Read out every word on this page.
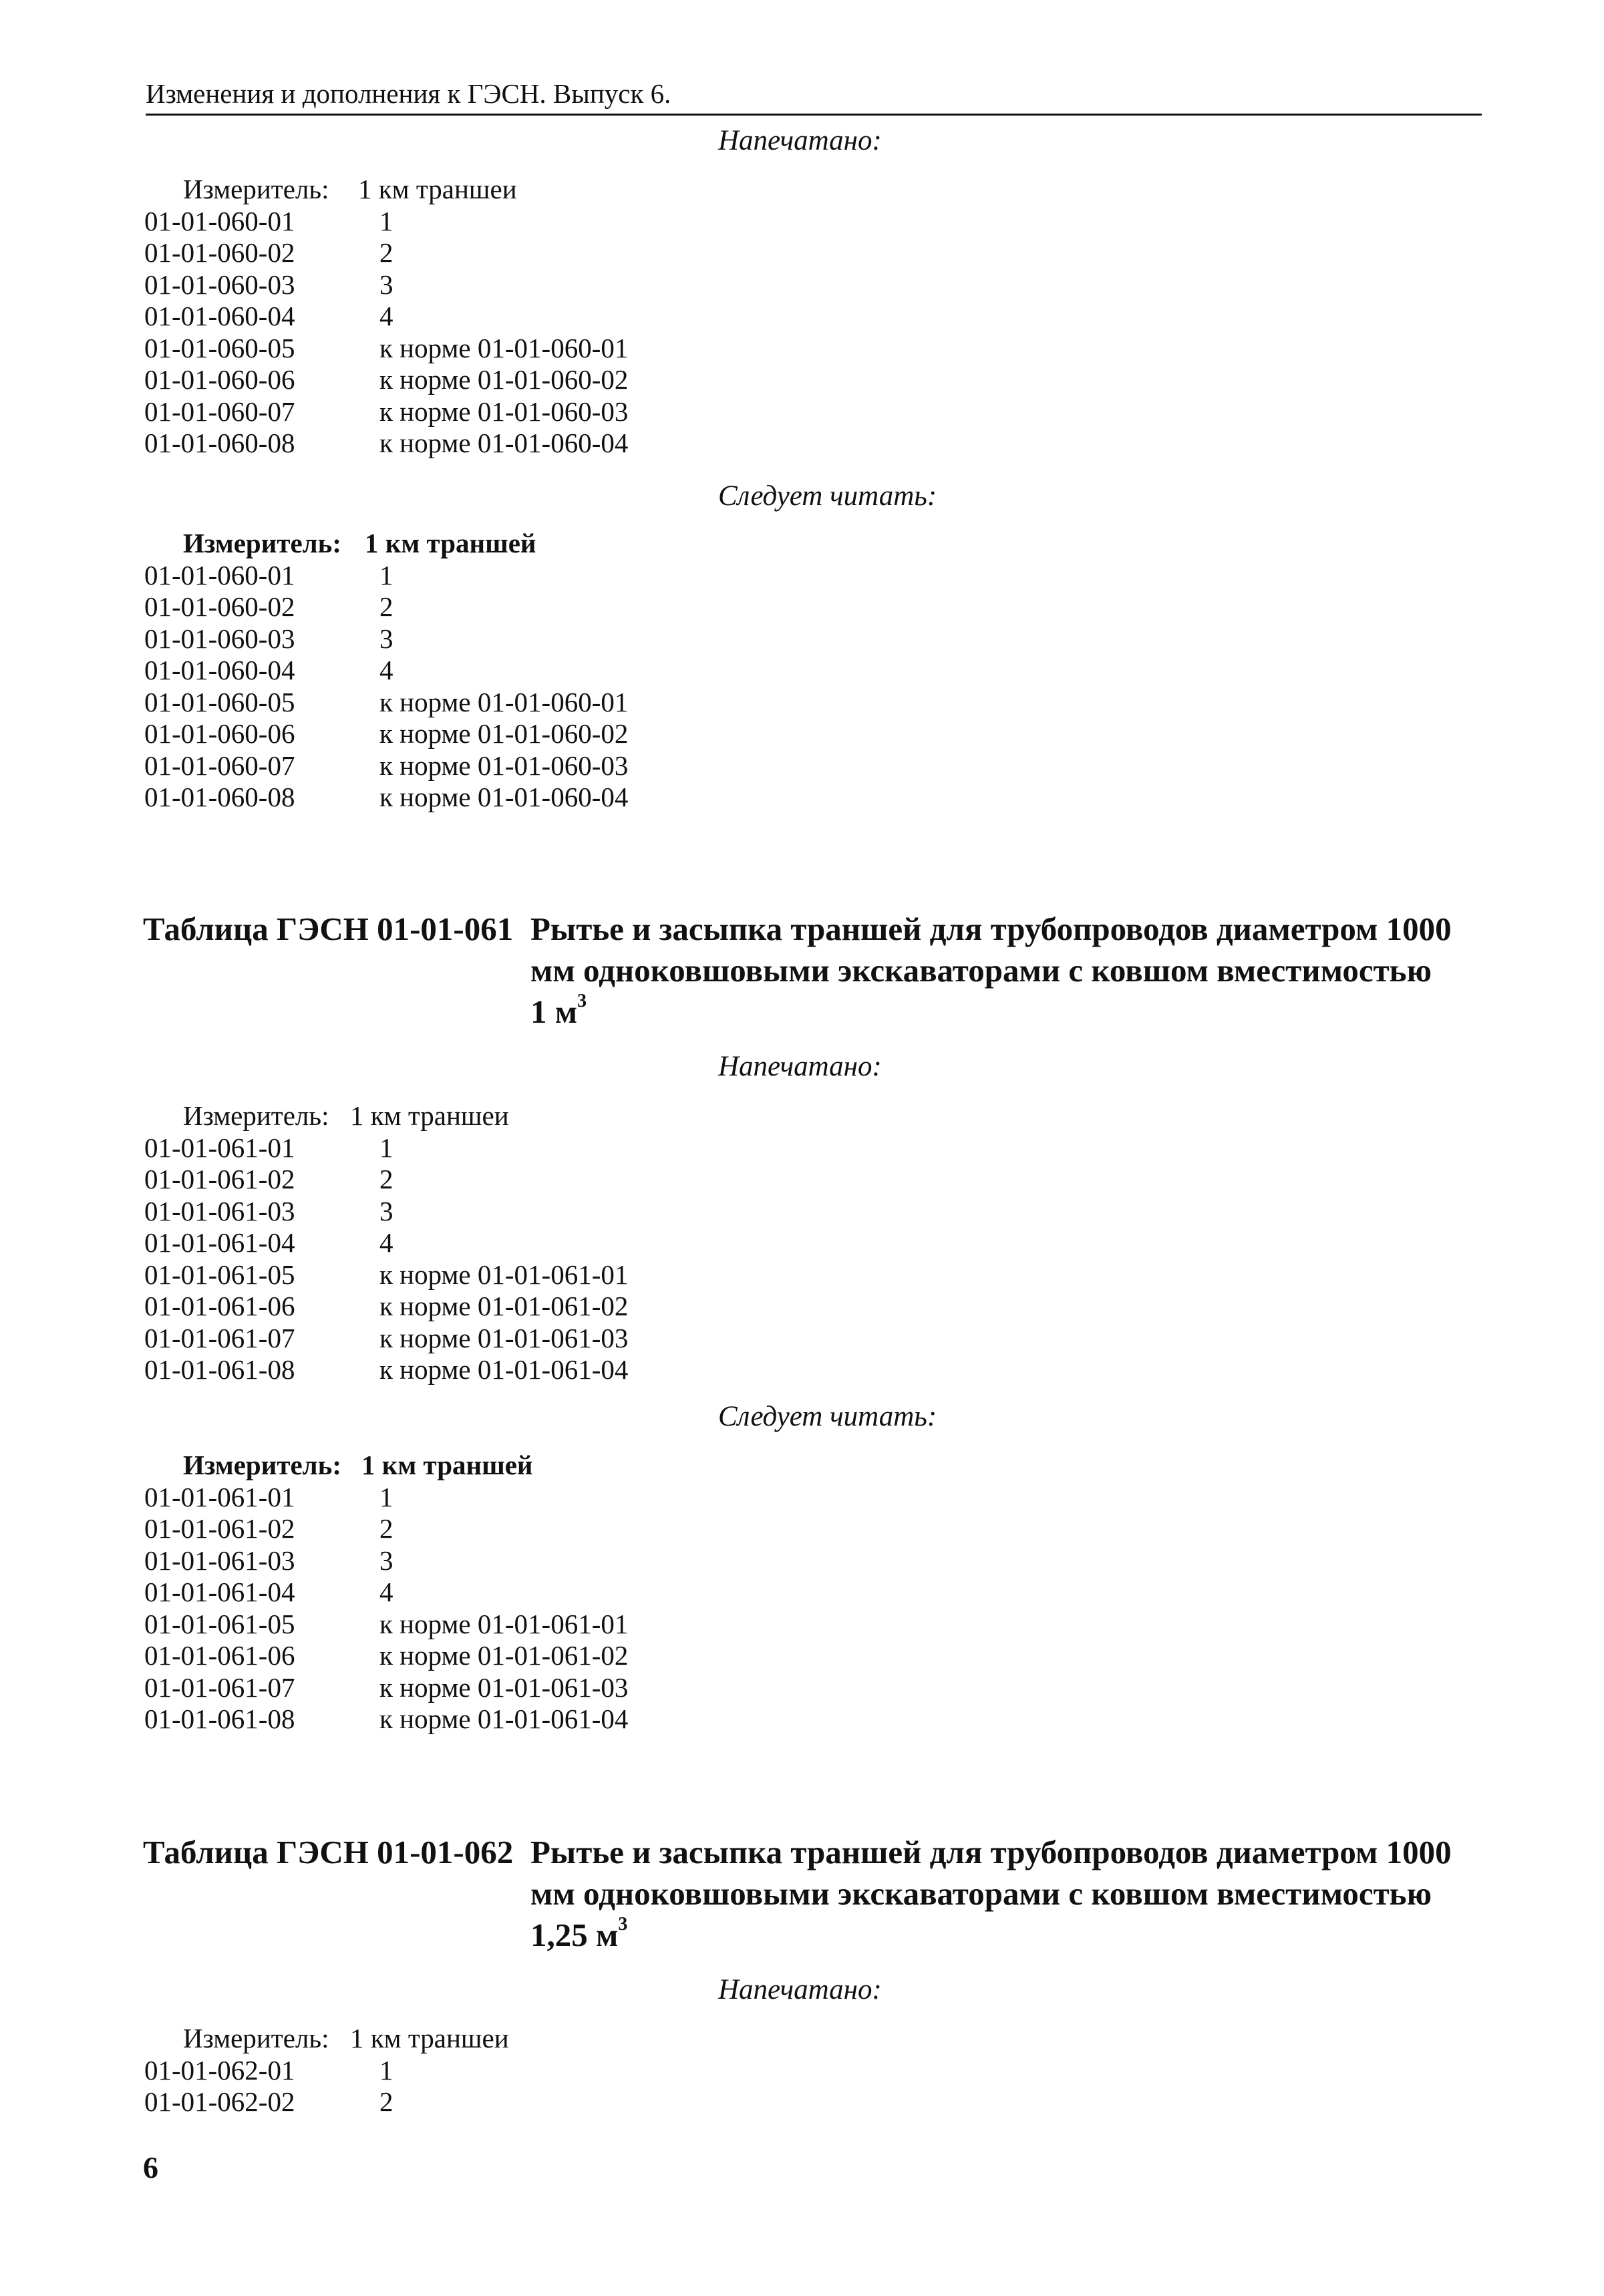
Изменения и дополнения к ГЭСН. Выпуск 6.
Напечатано:
Измеритель: 1 км траншеи
01-01-060-01	1
01-01-060-02	2
01-01-060-03	3
01-01-060-04	4
01-01-060-05	к норме 01-01-060-01
01-01-060-06	к норме 01-01-060-02
01-01-060-07	к норме 01-01-060-03
01-01-060-08	к норме 01-01-060-04
Следует читать:
Измеритель: 1 км траншей
01-01-060-01	1
01-01-060-02	2
01-01-060-03	3
01-01-060-04	4
01-01-060-05	к норме 01-01-060-01
01-01-060-06	к норме 01-01-060-02
01-01-060-07	к норме 01-01-060-03
01-01-060-08	к норме 01-01-060-04
Таблица ГЭСН 01-01-061 Рытье и засыпка траншей для трубопроводов диаметром 1000
мм одноковшовыми экскаваторами с ковшом вместимостью
1 $м^3$
Напечатано:
Измеритель: 1 км траншеи
01-01-061-01	1
01-01-061-02	2
01-01-061-03	3
01-01-061-04	4
01-01-061-05	к норме 01-01-061-01
01-01-061-06	к норме 01-01-061-02
01-01-061-07	к норме 01-01-061-03
01-01-061-08	к норме 01-01-061-04
Следует читать:
Измеритель: 1 км траншей
01-01-061-01	1
01-01-061-02	2
01-01-061-03	3
01-01-061-04	4
01-01-061-05	к норме 01-01-061-01
01-01-061-06	к норме 01-01-061-02
01-01-061-07	к норме 01-01-061-03
01-01-061-08	к норме 01-01-061-04
Таблица ГЭСН 01-01-062 Рытье и засыпка траншей для трубопроводов диаметром 1000
мм одноковшовыми экскаваторами с ковшом вместимостью
1,25 $м^3$
Напечатано:
Измеритель: 1 км траншеи
01-01-062-01	1
01-01-062-02	2
6
